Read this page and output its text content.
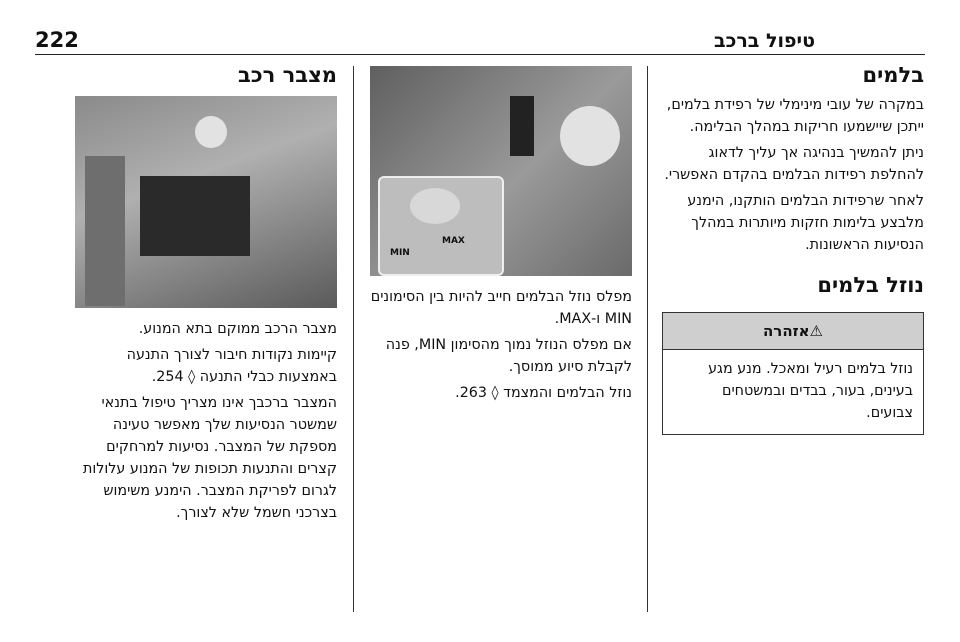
222	טיפול ברכב
בלמים
במקרה של עובי מינימלי של רפידת בלמים, ייתכן שיישמעו חריקות במהלך הבלימה.
ניתן להמשיך בנהיגה אך עליך לדאוג להחלפת רפידות הבלמים בהקדם האפשרי.
לאחר שרפידות הבלמים הותקנו, הימנע מלבצע בלימות חזקות מיותרות במהלך הנסיעות הראשונות.
נוזל בלמים
⚠אזהרה
נוזל בלמים רעיל ומאכל. מנע מגע בעינים, בעור, בבדים ובמשטחים צבועים.
MAX
MIN
מפלס נוזל הבלמים חייב להיות בין הסימונים MIN ו-MAX.
אם מפלס הנוזל נמוך מהסימון MIN, פנה לקבלת סיוע ממוסך.
נוזל הבלמים והמצמד ◊ 263.
מצבר רכב
מצבר הרכב ממוקם בתא המנוע.
קיימות נקודות חיבור לצורך התנעה באמצעות כבלי התנעה ◊ 254.
המצבר ברכבך אינו מצריך טיפול בתנאי שמשטר הנסיעות שלך מאפשר טעינה מספקת של המצבר. נסיעות למרחקים קצרים והתנעות תכופות של המנוע עלולות לגרום לפריקת המצבר. הימנע משימוש בצרכני חשמל שלא לצורך.
